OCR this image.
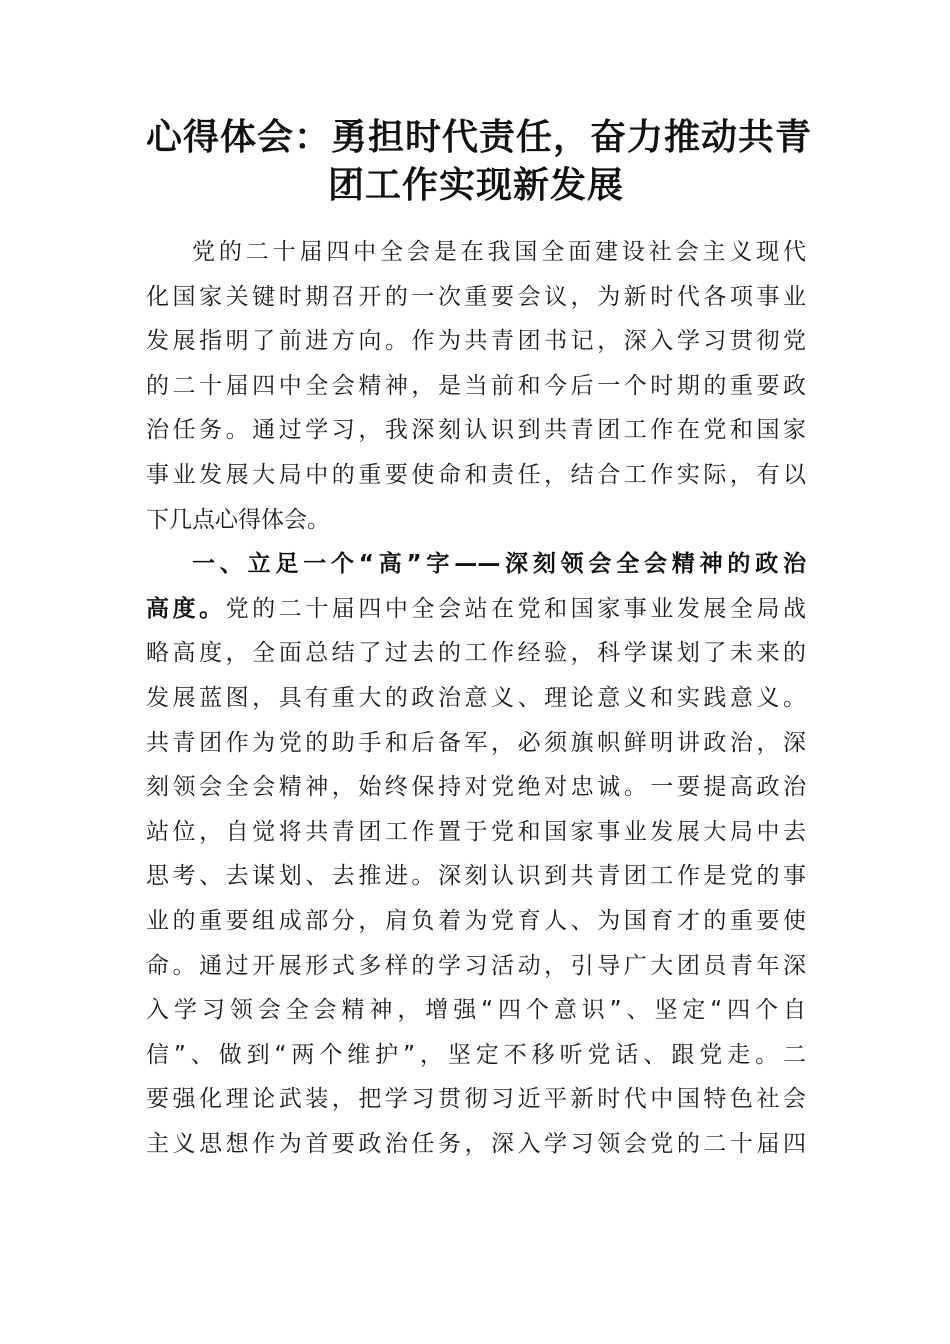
心得体会：勇担时代责任，奋力推动共青
团工作实现新发展
党的二十届四中全会是在我国全面建设社会主义现代
化国家关键时期召开的一次重要会议，为新时代各项事业
发展指明了前进方向。作为共青团书记，深入学习贯彻党
的二十届四中全会精神，是当前和今后一个时期的重要政
治任务。通过学习，我深刻认识到共青团工作在党和国家
事业发展大局中的重要使命和责任，结合工作实际，有以
下几点心得体会。
一、立足一个“高”字——深刻领会全会精神的政治
高度。党的二十届四中全会站在党和国家事业发展全局战
略高度，全面总结了过去的工作经验，科学谋划了未来的
发展蓝图，具有重大的政治意义、理论意义和实践意义。
共青团作为党的助手和后备军，必须旗帜鲜明讲政治，深
刻领会全会精神，始终保持对党绝对忠诚。一要提高政治
站位，自觉将共青团工作置于党和国家事业发展大局中去
思考、去谋划、去推进。深刻认识到共青团工作是党的事
业的重要组成部分，肩负着为党育人、为国育才的重要使
命。通过开展形式多样的学习活动，引导广大团员青年深
入学习领会全会精神，增强“四个意识”、坚定“四个自
信”、做到“两个维护”，坚定不移听党话、跟党走。二
要强化理论武装，把学习贯彻习近平新时代中国特色社会
主义思想作为首要政治任务，深入学习领会党的二十届四
